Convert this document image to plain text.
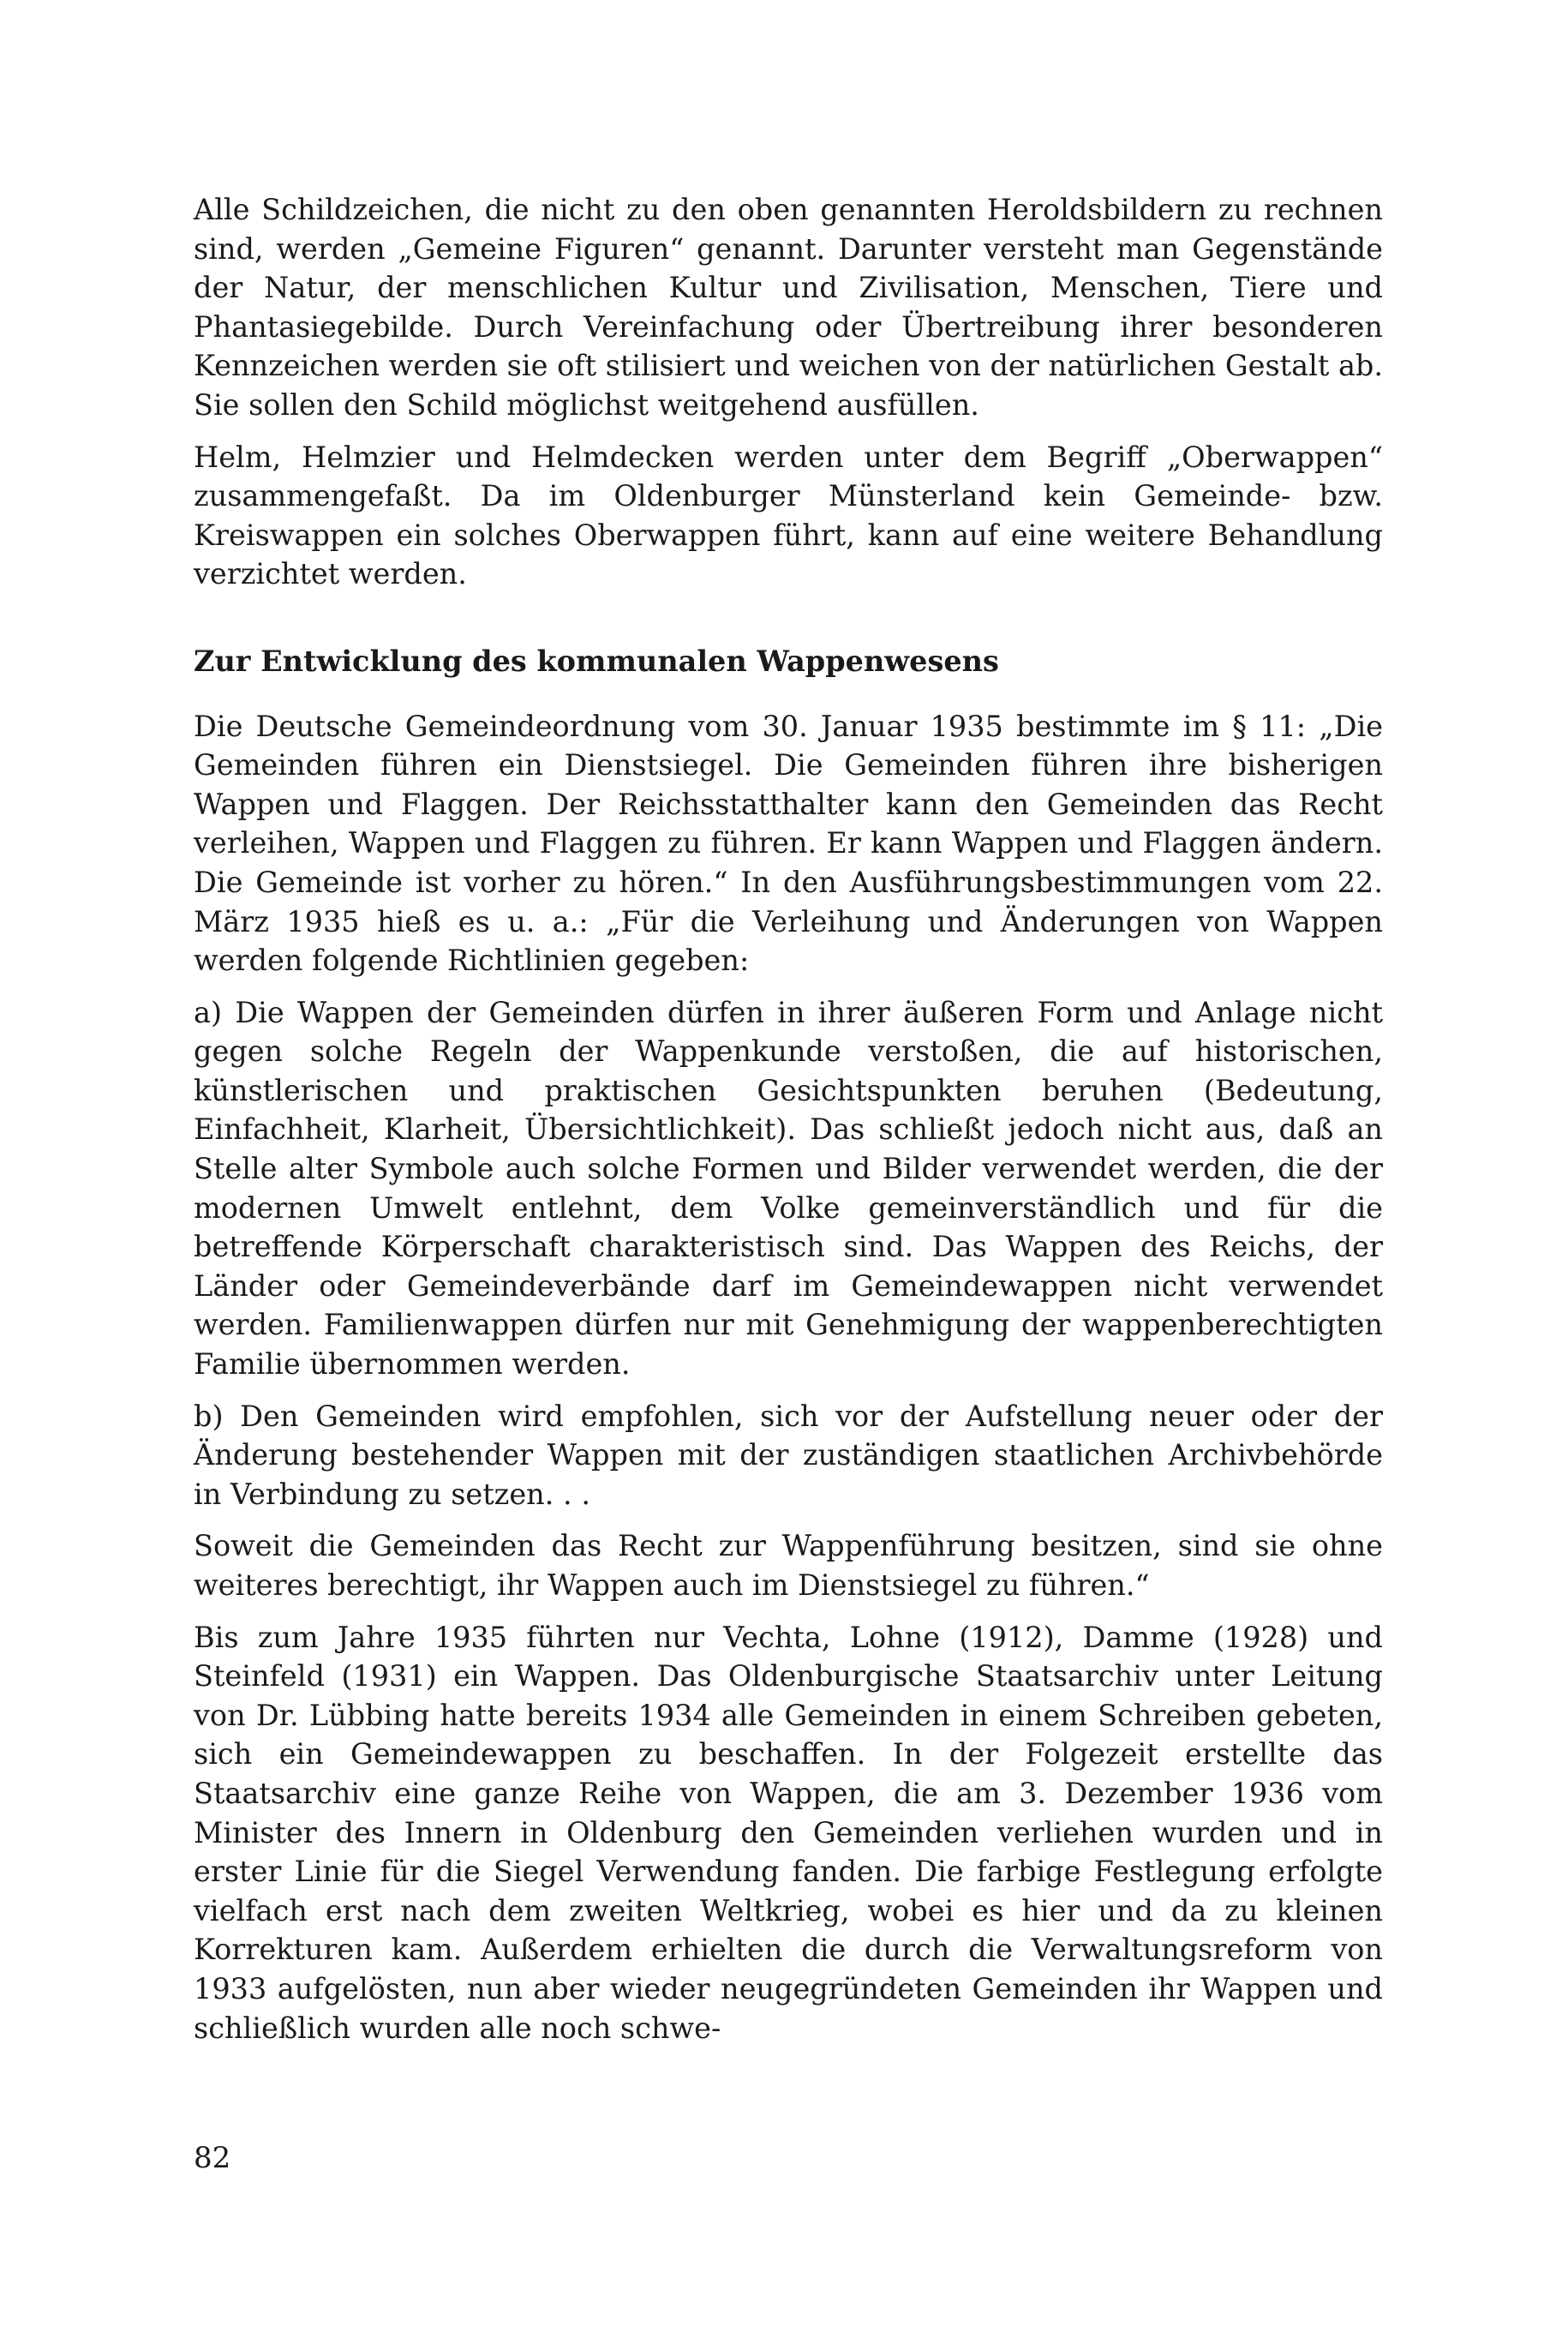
Alle Schildzeichen, die nicht zu den oben genannten Heroldsbildern zu rechnen sind, werden „Gemeine Figuren“ genannt. Darunter versteht man Gegenstände der Natur, der menschlichen Kultur und Zivilisation, Menschen, Tiere und Phantasiegebilde. Durch Vereinfachung oder Übertreibung ihrer besonderen Kennzeichen werden sie oft stilisiert und weichen von der natürlichen Gestalt ab. Sie sollen den Schild möglichst weitgehend ausfüllen.

Helm, Helmzier und Helmdecken werden unter dem Begriff „Oberwappen“ zusammengefaßt. Da im Oldenburger Münsterland kein Gemeinde- bzw. Kreiswappen ein solches Oberwappen führt, kann auf eine weitere Behandlung verzichtet werden.

Zur Entwicklung des kommunalen Wappenwesens

Die Deutsche Gemeindeordnung vom 30. Januar 1935 bestimmte im § 11: „Die Gemeinden führen ein Dienstsiegel. Die Gemeinden führen ihre bisherigen Wappen und Flaggen. Der Reichsstatthalter kann den Gemeinden das Recht verleihen, Wappen und Flaggen zu führen. Er kann Wappen und Flaggen ändern. Die Gemeinde ist vorher zu hören.“ In den Ausführungsbestimmungen vom 22. März 1935 hieß es u. a.: „Für die Verleihung und Änderungen von Wappen werden folgende Richtlinien gegeben:

a) Die Wappen der Gemeinden dürfen in ihrer äußeren Form und Anlage nicht gegen solche Regeln der Wappenkunde verstoßen, die auf historischen, künstlerischen und praktischen Gesichtspunkten beruhen (Bedeutung, Einfachheit, Klarheit, Übersichtlichkeit). Das schließt jedoch nicht aus, daß an Stelle alter Symbole auch solche Formen und Bilder verwendet werden, die der modernen Umwelt entlehnt, dem Volke gemeinverständlich und für die betreffende Körperschaft charakteristisch sind. Das Wappen des Reichs, der Länder oder Gemeindeverbände darf im Gemeindewappen nicht verwendet werden. Familienwappen dürfen nur mit Genehmigung der wappenberechtigten Familie übernommen werden.

b) Den Gemeinden wird empfohlen, sich vor der Aufstellung neuer oder der Änderung bestehender Wappen mit der zuständigen staatlichen Archivbehörde in Verbindung zu setzen. . .

Soweit die Gemeinden das Recht zur Wappenführung besitzen, sind sie ohne weiteres berechtigt, ihr Wappen auch im Dienstsiegel zu führen.“

Bis zum Jahre 1935 führten nur Vechta, Lohne (1912), Damme (1928) und Steinfeld (1931) ein Wappen. Das Oldenburgische Staatsarchiv unter Leitung von Dr. Lübbing hatte bereits 1934 alle Gemeinden in einem Schreiben gebeten, sich ein Gemeindewappen zu beschaffen. In der Folgezeit erstellte das Staatsarchiv eine ganze Reihe von Wappen, die am 3. Dezember 1936 vom Minister des Innern in Oldenburg den Gemeinden verliehen wurden und in erster Linie für die Siegel Verwendung fanden. Die farbige Festlegung erfolgte vielfach erst nach dem zweiten Weltkrieg, wobei es hier und da zu kleinen Korrekturen kam. Außerdem erhielten die durch die Verwaltungsreform von 1933 aufgelösten, nun aber wieder neugegründeten Gemeinden ihr Wappen und schließlich wurden alle noch schwe-

82
